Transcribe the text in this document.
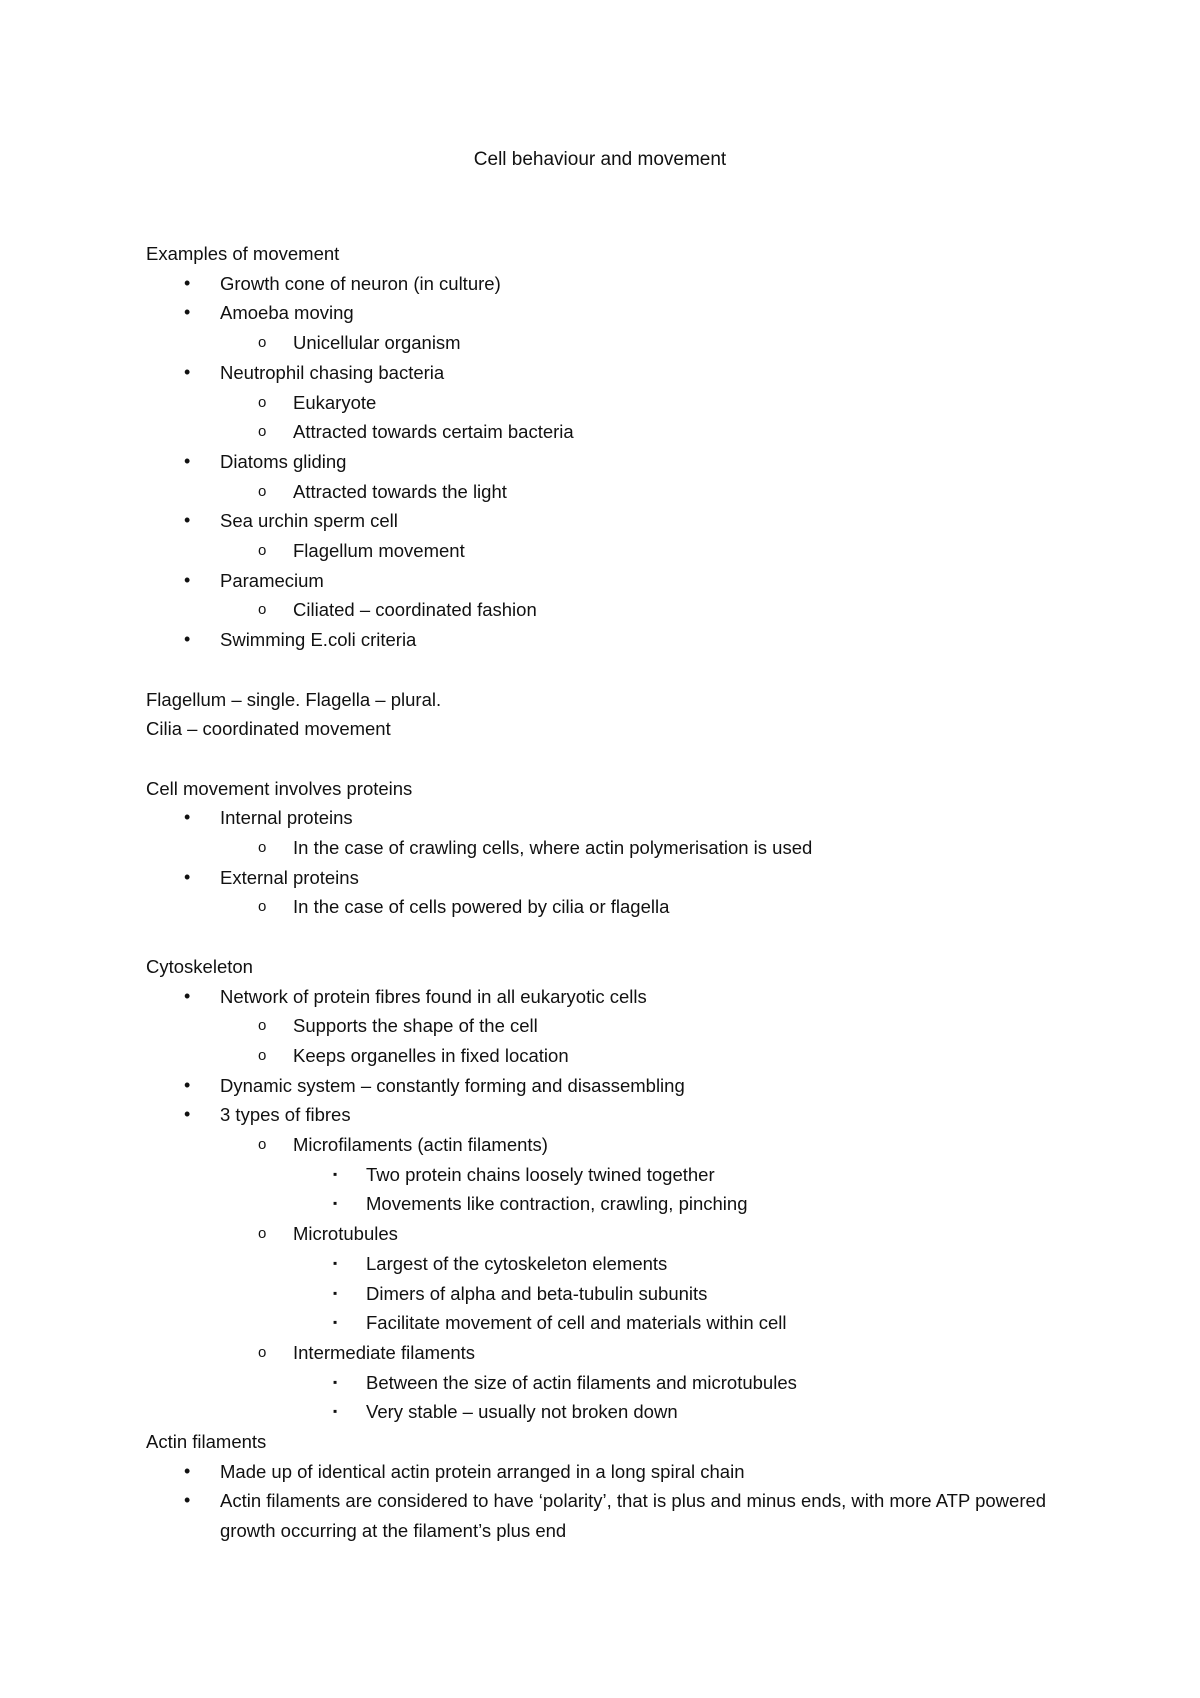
Cell behaviour and movement
Examples of movement
• Growth cone of neuron (in culture)
• Amoeba moving
o Unicellular organism
• Neutrophil chasing bacteria
o Eukaryote
o Attracted towards certaim bacteria
• Diatoms gliding
o Attracted towards the light
• Sea urchin sperm cell
o Flagellum movement
• Paramecium
o Ciliated – coordinated fashion
• Swimming E.coli criteria
Flagellum – single. Flagella – plural.
Cilia – coordinated movement
Cell movement involves proteins
• Internal proteins
o In the case of crawling cells, where actin polymerisation is used
• External proteins
o In the case of cells powered by cilia or flagella
Cytoskeleton
• Network of protein fibres found in all eukaryotic cells
o Supports the shape of the cell
o Keeps organelles in fixed location
• Dynamic system – constantly forming and disassembling
• 3 types of fibres
o Microfilaments (actin filaments)
▪ Two protein chains loosely twined together
▪ Movements like contraction, crawling, pinching
o Microtubules
▪ Largest of the cytoskeleton elements
▪ Dimers of alpha and beta-tubulin subunits
▪ Facilitate movement of cell and materials within cell
o Intermediate filaments
▪ Between the size of actin filaments and microtubules
▪ Very stable – usually not broken down
Actin filaments
• Made up of identical actin protein arranged in a long spiral chain
• Actin filaments are considered to have ‘polarity’, that is plus and minus ends, with more ATP powered growth occurring at the filament’s plus end
